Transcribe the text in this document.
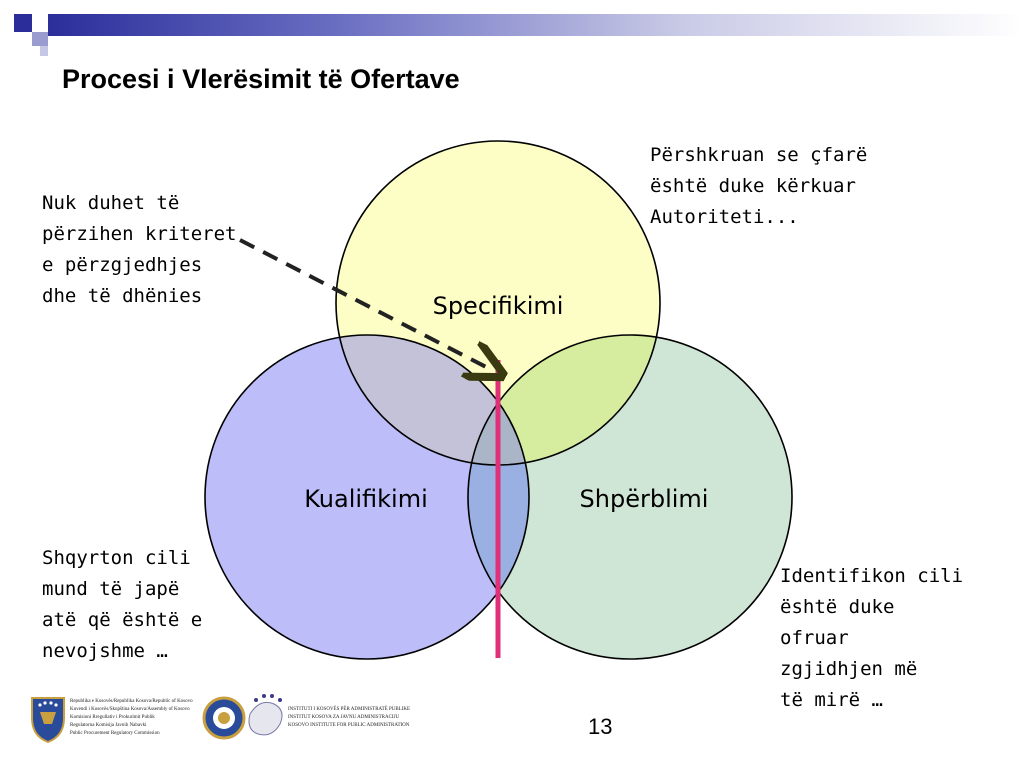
Procesi i Vlerësimit të Ofertave
Specifikimi
Kualifikimi	Shpërblimi
Përshkruan se çfarë
është duke kërkuar
Autoriteti...
Nuk duhet të
përzihen kriteret
e përzgjedhjes
dhe të dhënies
Shqyrton cili
mund të japë
atë që është e
nevojshme …
Identifikon cili
është duke
ofruar
zgjidhjen më
të mirë …
Republika e Kosovës/Republika Kosova/Republic of Kosovo
Kuvendi i Kosovës/Skupština Kosova/Assembly of Kosovo
Komisioni Rregullativ i Prokurimit Publik
Regulatorna Komisija Javnih Nabavki
Public Procurement Regulatory Commission
INSTITUTI I KOSOVËS PËR ADMINISTRATË PUBLIKE
INSTITUT KOSOVA ZA JAVNU ADMINISTRACIJU
KOSOVO INSTITUTE FOR PUBLIC ADMINISTRATION	13
